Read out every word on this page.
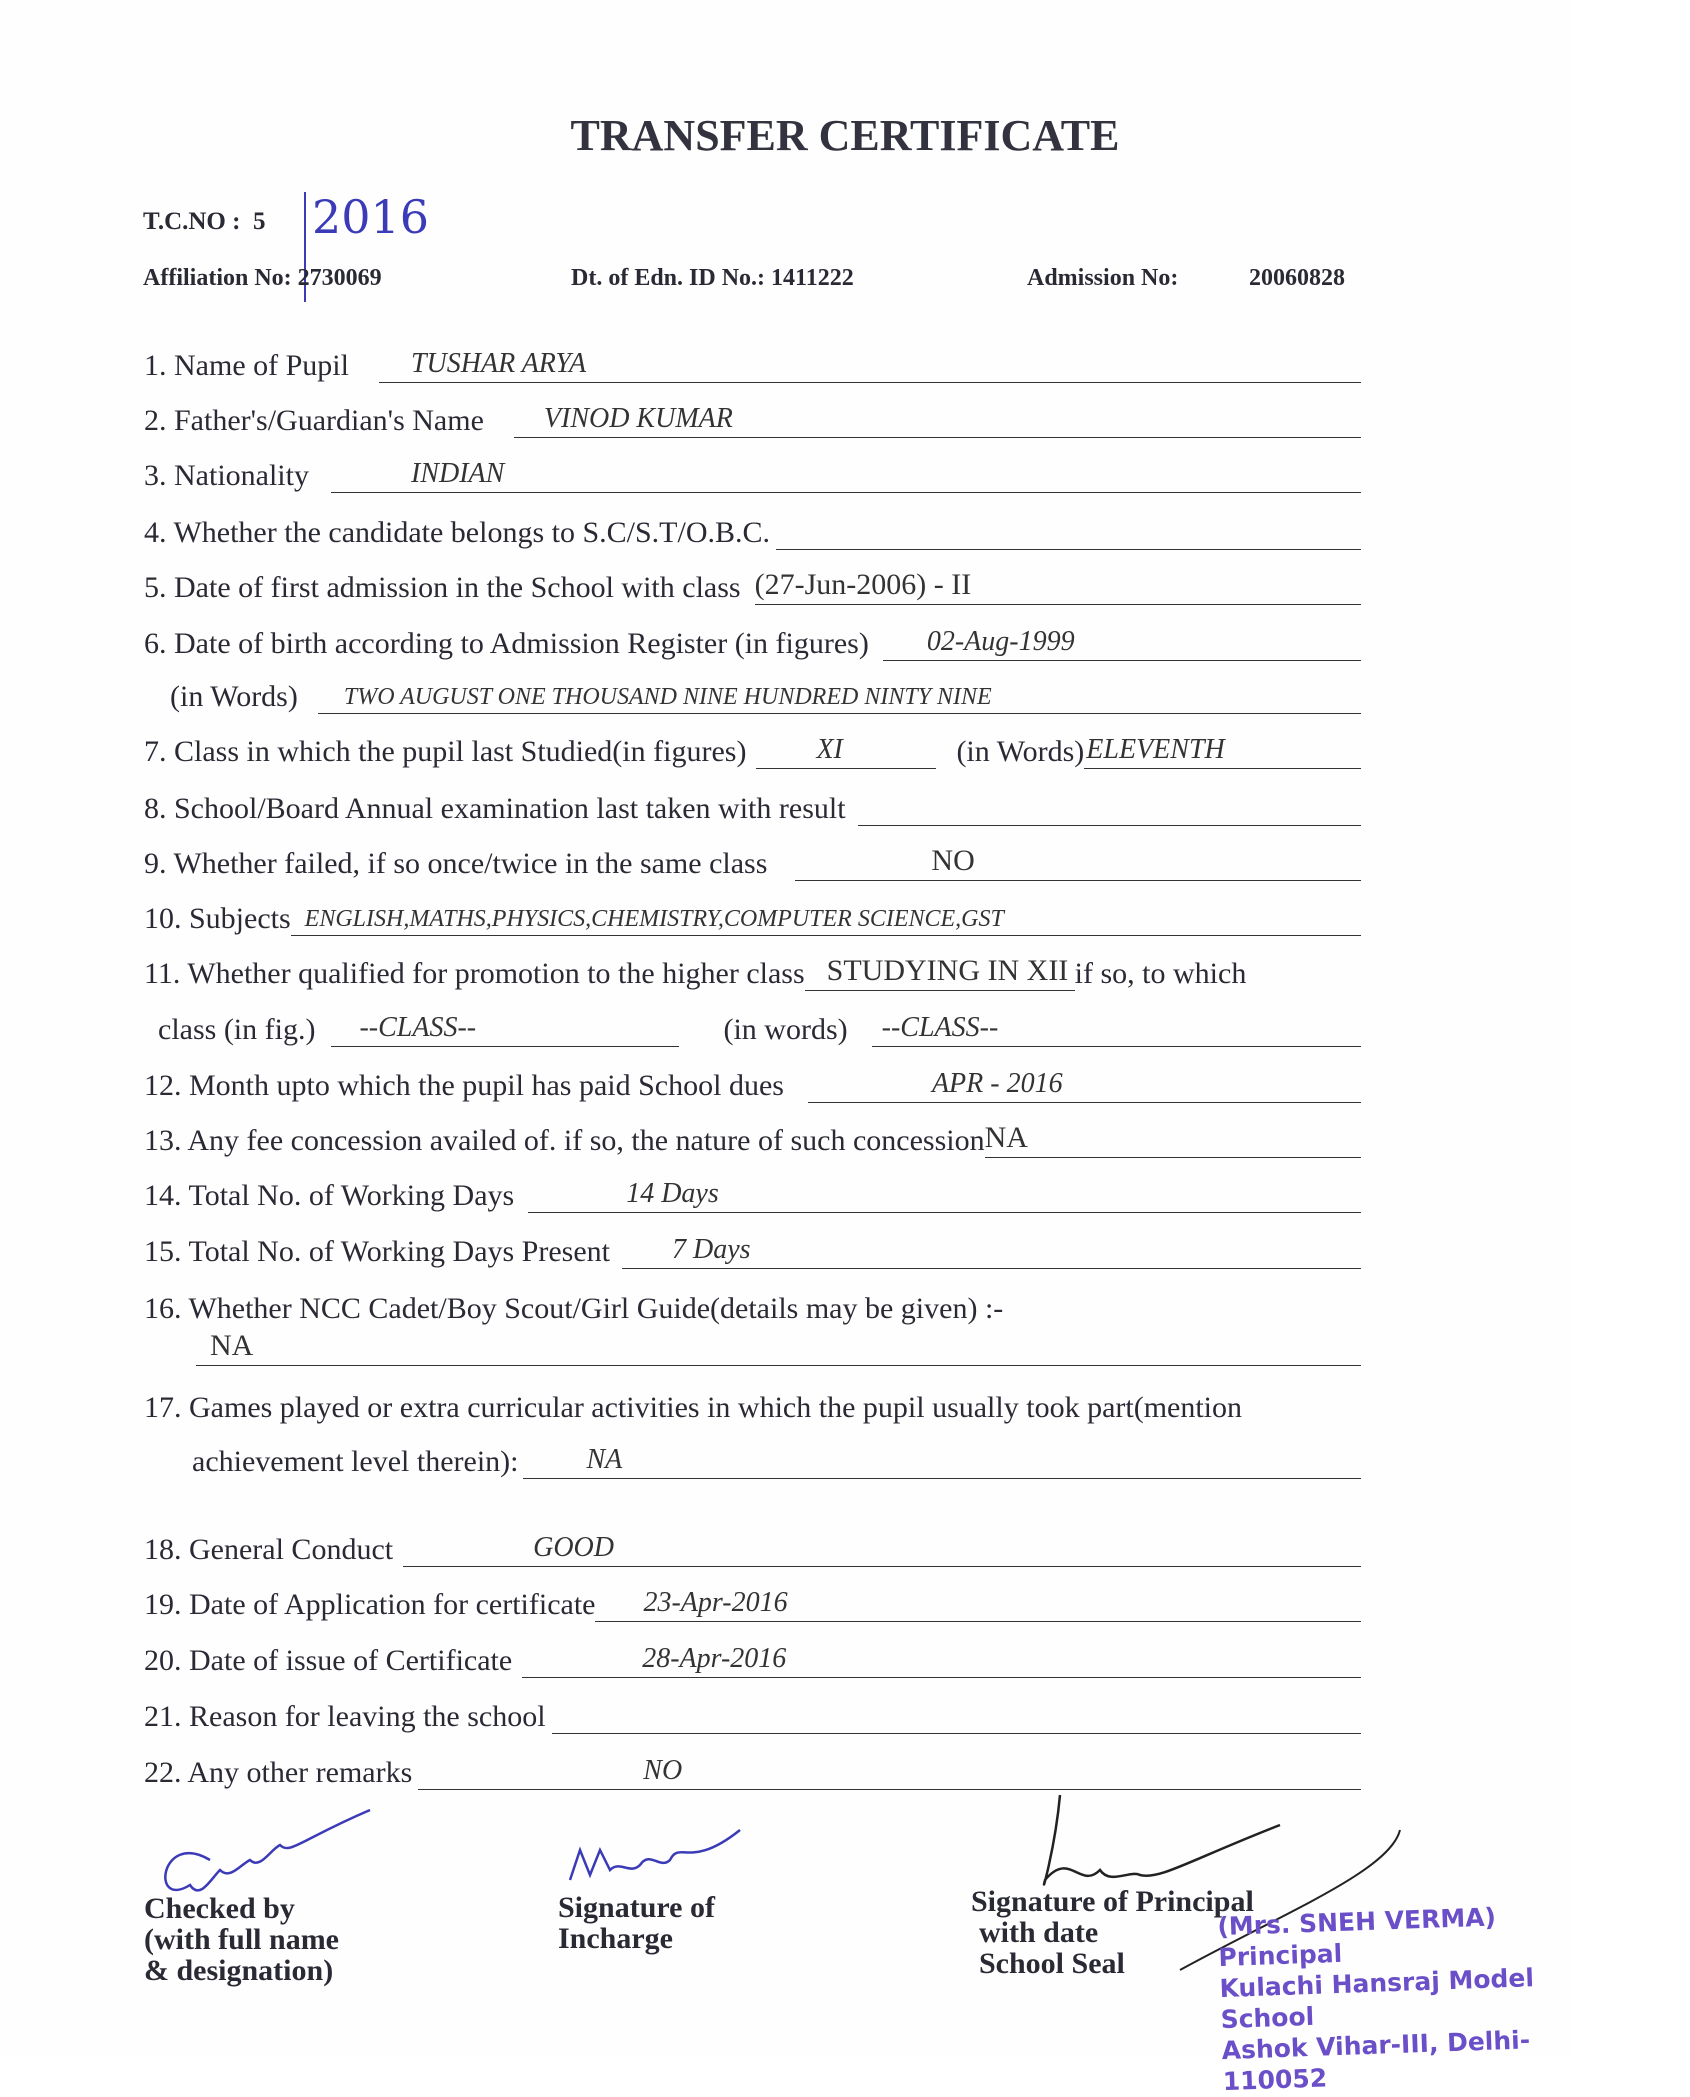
TRANSFER CERTIFICATE
T.C.NO : 5 2016
Affiliation No: 2730069	Dt. of Edn. ID No.: 1411222	Admission No:	20060828
1. Name of Pupil TUSHAR ARYA
2. Father's/Guardian's Name VINOD KUMAR
3. Nationality	INDIAN
4. Whether the candidate belongs to S.C/S.T/O.B.C.
5. Date of first admission in the School with class (27-Jun-2006) - II
6. Date of birth according to Admission Register (in figures) 02-Aug-1999
(in Words) TWO AUGUST ONE THOUSAND NINE HUNDRED NINTY NINE
7. Class in which the pupil last Studied(in figures)	XI	(in Words) ELEVENTH
8. School/Board Annual examination last taken with result
9. Whether failed, if so once/twice in the same class	NO
10. Subjects ENGLISH,MATHS,PHYSICS,CHEMISTRY,COMPUTER SCIENCE,GST
11. Whether qualified for promotion to the higher class STUDYING IN XII if so, to which
class (in fig.) --CLASS--	(in words) --CLASS--
12. Month upto which the pupil has paid School dues	APR - 2016
13. Any fee concession availed of. if so, the nature of such concession NA
14. Total No. of Working Days	14 Days
15. Total No. of Working Days Present 7 Days
16. Whether NCC Cadet/Boy Scout/Girl Guide(details may be given) :-
NA
17. Games played or extra curricular activities in which the pupil usually took part(mention
achievement level therein): NA
18. General Conduct	GOOD
19. Date of Application for certificate 23-Apr-2016
20. Date of issue of Certificate	28-Apr-2016
21. Reason for leaving the school
22. Any other remarks	NO
Checked by
(with full name
& designation)
Signature of
Incharge
Signature of Principal
with date
School Seal
(Mrs. SNEH VERMA)
Principal
Kulachi Hansraj Model School
Ashok Vihar-III, Delhi-110052
